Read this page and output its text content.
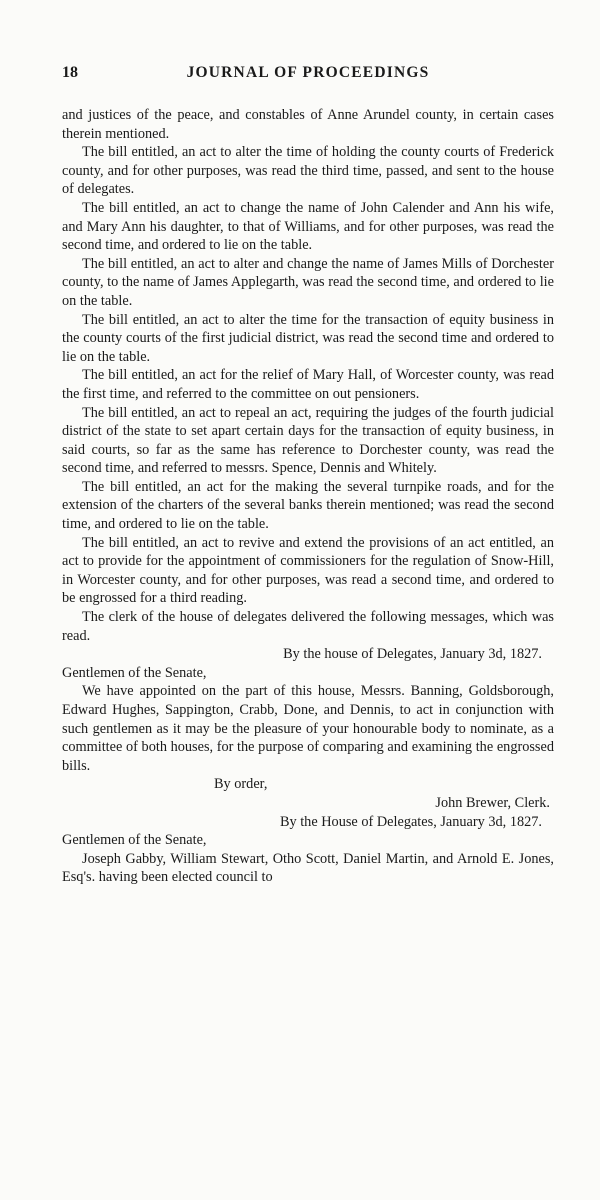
18	JOURNAL OF PROCEEDINGS

and justices of the peace, and constables of Anne Arundel county, in certain cases therein mentioned.

The bill entitled, an act to alter the time of holding the county courts of Frederick county, and for other purposes, was read the third time, passed, and sent to the house of delegates.

The bill entitled, an act to change the name of John Calender and Ann his wife, and Mary Ann his daughter, to that of Williams, and for other purposes, was read the second time, and ordered to lie on the table.

The bill entitled, an act to alter and change the name of James Mills of Dorchester county, to the name of James Applegarth, was read the second time, and ordered to lie on the table.

The bill entitled, an act to alter the time for the transaction of equity business in the county courts of the first judicial district, was read the second time and ordered to lie on the table.

The bill entitled, an act for the relief of Mary Hall, of Worcester county, was read the first time, and referred to the committee on out pensioners.

The bill entitled, an act to repeal an act, requiring the judges of the fourth judicial district of the state to set apart certain days for the transaction of equity business, in said courts, so far as the same has reference to Dorchester county, was read the second time, and referred to messrs. Spence, Dennis and Whitely.

The bill entitled, an act for the making the several turnpike roads, and for the extension of the charters of the several banks therein mentioned; was read the second time, and ordered to lie on the table.

The bill entitled, an act to revive and extend the provisions of an act entitled, an act to provide for the appointment of commissioners for the regulation of Snow-Hill, in Worcester county, and for other purposes, was read a second time, and ordered to be engrossed for a third reading.

The clerk of the house of delegates delivered the following messages, which was read.

By the house of Delegates, January 3d, 1827.

Gentlemen of the Senate,

We have appointed on the part of this house, Messrs. Banning, Goldsborough, Edward Hughes, Sappington, Crabb, Done, and Dennis, to act in conjunction with such gentlemen as it may be the pleasure of your honourable body to nominate, as a committee of both houses, for the purpose of comparing and examining the engrossed bills.

By order,

John Brewer, Clerk.

By the House of Delegates, January 3d, 1827.

Gentlemen of the Senate,

Joseph Gabby, William Stewart, Otho Scott, Daniel Martin, and Arnold E. Jones, Esq's. having been elected council to
